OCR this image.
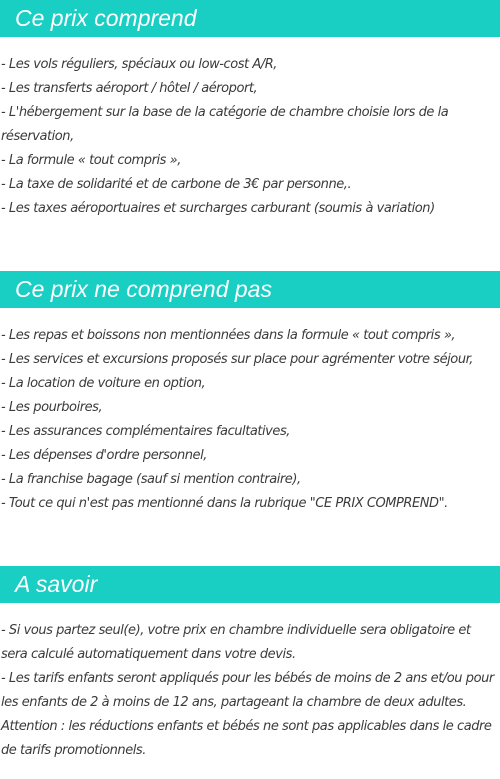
Ce prix comprend
- Les vols réguliers, spéciaux ou low-cost A/R,
- Les transferts aéroport / hôtel / aéroport,
- L'hébergement sur la base de la catégorie de chambre choisie lors de la réservation,
- La formule « tout compris »,
- La taxe de solidarité et de carbone de 3€ par personne,.
- Les taxes aéroportuaires et surcharges carburant (soumis à variation)
Ce prix ne comprend pas
- Les repas et boissons non mentionnées dans la formule « tout compris »,
- Les services et excursions proposés sur place pour agrémenter votre séjour,
- La location de voiture en option,
- Les pourboires,
- Les assurances complémentaires facultatives,
- Les dépenses d'ordre personnel,
- La franchise bagage (sauf si mention contraire),
- Tout ce qui n'est pas mentionné dans la rubrique "CE PRIX COMPREND".
A savoir
- Si vous partez seul(e), votre prix en chambre individuelle sera obligatoire et sera calculé automatiquement dans votre devis.
- Les tarifs enfants seront appliqués pour les bébés de moins de 2 ans et/ou pour les enfants de 2 à moins de 12 ans, partageant la chambre de deux adultes.
Attention : les réductions enfants et bébés ne sont pas applicables dans le cadre de tarifs promotionnels.
